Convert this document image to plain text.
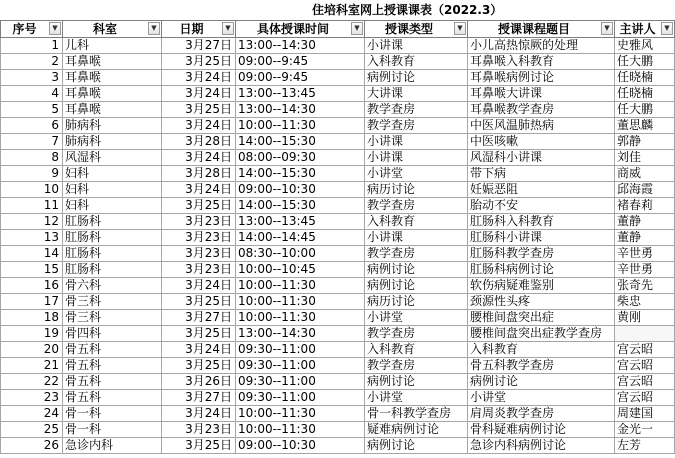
住培科室网上授课课表（2022.3）
序号 ▼	科室 ▼	日期 ▼	具体授课时间 ▼	授课类型 ▼	授课课程题目 ▼	主讲人 ▼

1	儿科	3月27日	13:00--14:30	小讲课	小儿高热惊厥的处理	史雅风
2	耳鼻喉	3月25日	09:00--9:45	入科教育	耳鼻喉入科教育	任大鹏
3	耳鼻喉	3月24日	09:00--9:45	病例讨论	耳鼻喉病例讨论	任晓楠
4	耳鼻喉	3月24日	13:00--13:45	大讲课	耳鼻喉大讲课	任晓楠
5	耳鼻喉	3月25日	13:00--14:30	教学查房	耳鼻喉教学查房	任大鹏
6	肺病科	3月24日	10:00--11:30	教学查房	中医风温肺热病	董思麟
7	肺病科	3月28日	14:00--15:30	小讲课	中医咳嗽	郭静
8	风湿科	3月24日	08:00--09:30	小讲课	风湿科小讲课	刘佳
9	妇科	3月28日	14:00--15:30	小讲堂	带下病	商威
10	妇科	3月24日	09:00--10:30	病历讨论	妊娠恶阻	邱海霞
11	妇科	3月25日	14:00--15:30	教学查房	胎动不安	褚春莉
12	肛肠科	3月23日	13:00--13:45	入科教育	肛肠科入科教育	董静
13	肛肠科	3月23日	14:00--14:45	小讲课	肛肠科小讲课	董静
14	肛肠科	3月23日	08:30--10:00	教学查房	肛肠科教学查房	辛世勇
15	肛肠科	3月23日	10:00--10:45	病例讨论	肛肠科病例讨论	辛世勇
16	骨六科	3月24日	10:00--11:30	病例讨论	软伤病疑难鉴别	张奇先
17	骨三科	3月25日	10:00--11:30	病历讨论	颈源性头疼	柴忠
18	骨三科	3月27日	10:00--11:30	小讲堂	腰椎间盘突出症	黄刚
19	骨四科	3月25日	13:00--14:30	教学查房	腰椎间盘突出症教学查房	
20	骨五科	3月24日	09:30--11:00	入科教育	入科教育	宫云昭
21	骨五科	3月25日	09:30--11:00	教学查房	骨五科教学查房	宫云昭
22	骨五科	3月26日	09:30--11:00	病例讨论	病例讨论	宫云昭
23	骨五科	3月27日	09:30--11:00	小讲堂	小讲堂	宫云昭
24	骨一科	3月24日	10:00--11:30	骨一科教学查房	肩周炎教学查房	周建国
25	骨一科	3月23日	10:00--11:30	疑难病例讨论	骨科疑难病例讨论	金光一
26	急诊内科	3月25日	09:00--10:30	病例讨论	急诊内科病例讨论	左芳
